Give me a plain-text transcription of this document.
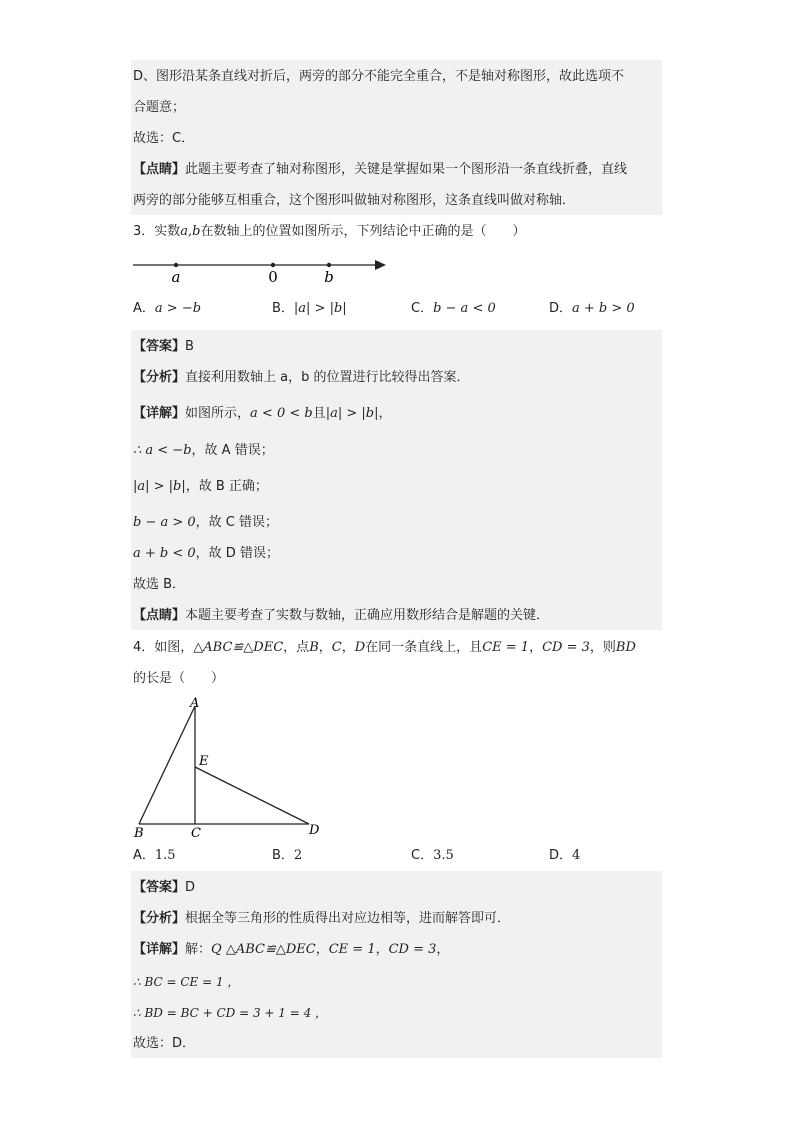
D、图形沿某条直线对折后，两旁的部分不能完全重合，不是轴对称图形，故此选项不
合题意；
故选：C．
【点睛】此题主要考查了轴对称图形，关键是掌握如果一个图形沿一条直线折叠，直线
两旁的部分能够互相重合，这个图形叫做轴对称图形，这条直线叫做对称轴．
3．实数a,b在数轴上的位置如图所示，下列结论中正确的是（　　）
a	0	b
A．a > −b	B．|a| > |b|	C．b − a < 0	D．a + b > 0
【答案】B
【分析】直接利用数轴上 a，b 的位置进行比较得出答案．
【详解】如图所示，a < 0 < b且|a| > |b|，
∴ a < −b，故 A 错误；
|a| > |b|，故 B 正确；
b − a > 0，故 C 错误；
a + b < 0，故 D 错误；
故选 B．
【点睛】本题主要考查了实数与数轴，正确应用数形结合是解题的关键．
4．如图，△ABC≌△DEC，点B，C，D在同一条直线上，且CE = 1，CD = 3，则BD
的长是（　　）
A
E
B	C	D
A．1.5	B．2	C．3.5	D．4
【答案】D
【分析】根据全等三角形的性质得出对应边相等，进而解答即可．
【详解】解：Q △ABC≌△DEC，CE = 1，CD = 3，
∴ BC = CE = 1 ，
∴ BD = BC + CD = 3 + 1 = 4 ，
故选：D．
